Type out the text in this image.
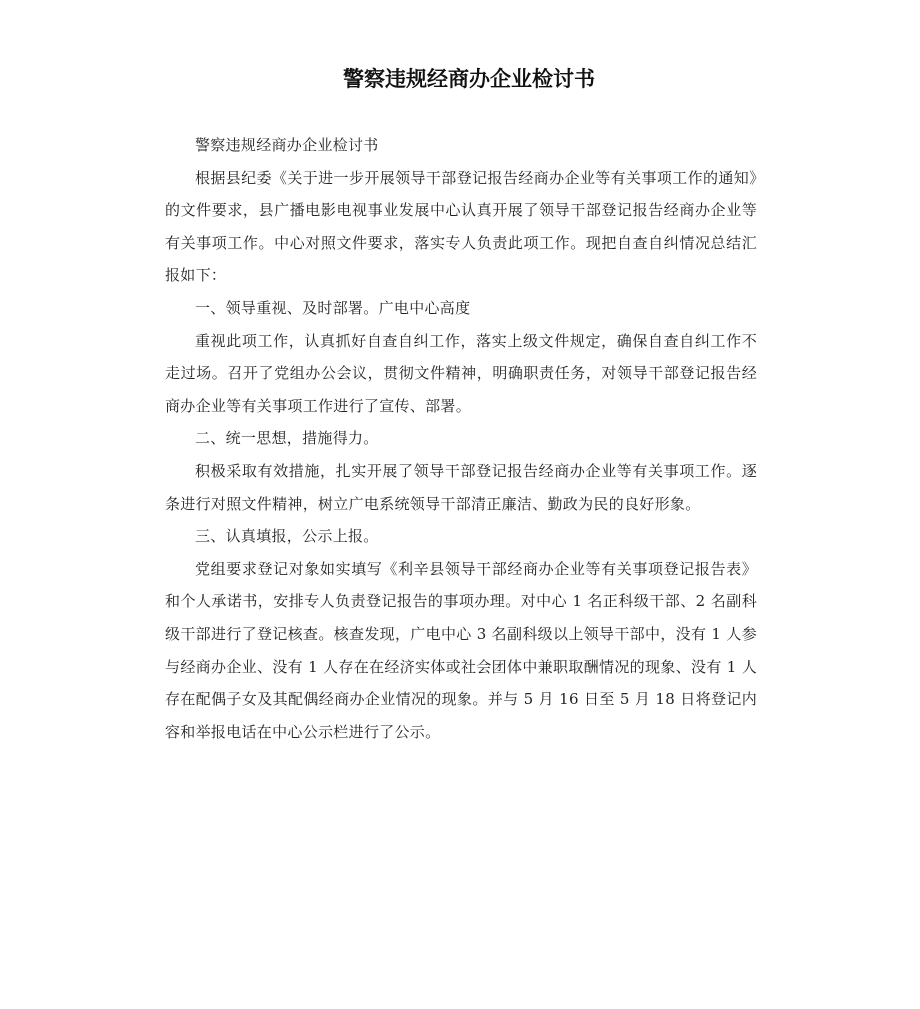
警察违规经商办企业检讨书

警察违规经商办企业检讨书

根据县纪委《关于进一步开展领导干部登记报告经商办企业等有关事项工作的通知》的文件要求，县广播电影电视事业发展中心认真开展了领导干部登记报告经商办企业等有关事项工作。中心对照文件要求，落实专人负责此项工作。现把自查自纠情况总结汇报如下：

一、领导重视、及时部署。广电中心高度

重视此项工作，认真抓好自查自纠工作，落实上级文件规定，确保自查自纠工作不走过场。召开了党组办公会议，贯彻文件精神，明确职责任务，对领导干部登记报告经商办企业等有关事项工作进行了宣传、部署。

二、统一思想，措施得力。

积极采取有效措施，扎实开展了领导干部登记报告经商办企业等有关事项工作。逐条进行对照文件精神，树立广电系统领导干部清正廉洁、勤政为民的良好形象。

三、认真填报，公示上报。

党组要求登记对象如实填写《利辛县领导干部经商办企业等有关事项登记报告表》和个人承诺书，安排专人负责登记报告的事项办理。对中心 1 名正科级干部、2 名副科级干部进行了登记核查。核查发现，广电中心 3 名副科级以上领导干部中，没有 1 人参与经商办企业、没有 1 人存在在经济实体或社会团体中兼职取酬情况的现象、没有 1 人存在配偶子女及其配偶经商办企业情况的现象。并与 5 月 16 日至 5 月 18 日将登记内容和举报电话在中心公示栏进行了公示。
